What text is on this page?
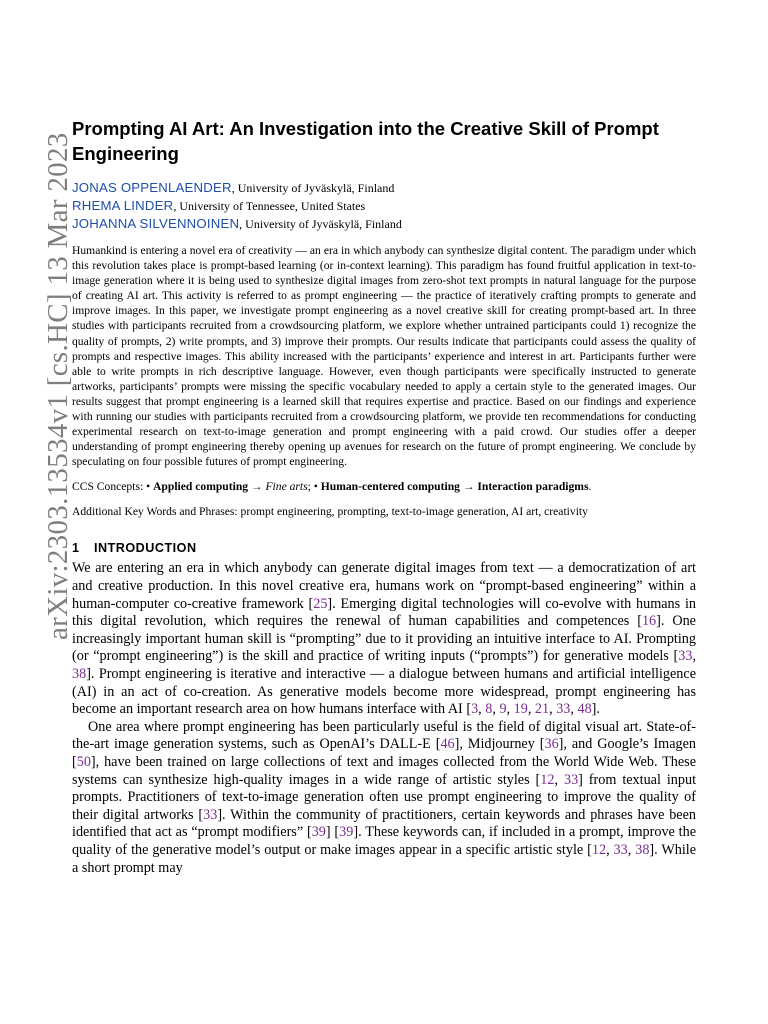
arXiv:2303.13534v1 [cs.HC] 13 Mar 2023
Prompting AI Art: An Investigation into the Creative Skill of Prompt Engineering
JONAS OPPENLAENDER, University of Jyväskylä, Finland
RHEMA LINDER, University of Tennessee, United States
JOHANNA SILVENNOINEN, University of Jyväskylä, Finland
Humankind is entering a novel era of creativity — an era in which anybody can synthesize digital content. The paradigm under which this revolution takes place is prompt-based learning (or in-context learning). This paradigm has found fruitful application in text-to-image generation where it is being used to synthesize digital images from zero-shot text prompts in natural language for the purpose of creating AI art. This activity is referred to as prompt engineering — the practice of iteratively crafting prompts to generate and improve images. In this paper, we investigate prompt engineering as a novel creative skill for creating prompt-based art. In three studies with participants recruited from a crowdsourcing platform, we explore whether untrained participants could 1) recognize the quality of prompts, 2) write prompts, and 3) improve their prompts. Our results indicate that participants could assess the quality of prompts and respective images. This ability increased with the participants’ experience and interest in art. Participants further were able to write prompts in rich descriptive language. However, even though participants were specifically instructed to generate artworks, participants’ prompts were missing the specific vocabulary needed to apply a certain style to the generated images. Our results suggest that prompt engineering is a learned skill that requires expertise and practice. Based on our findings and experience with running our studies with participants recruited from a crowdsourcing platform, we provide ten recommendations for conducting experimental research on text-to-image generation and prompt engineering with a paid crowd. Our studies offer a deeper understanding of prompt engineering thereby opening up avenues for research on the future of prompt engineering. We conclude by speculating on four possible futures of prompt engineering.
CCS Concepts: • Applied computing → Fine arts; • Human-centered computing → Interaction paradigms.
Additional Key Words and Phrases: prompt engineering, prompting, text-to-image generation, AI art, creativity
1 INTRODUCTION

We are entering an era in which anybody can generate digital images from text — a democratization of art and creative production. In this novel creative era, humans work on “prompt-based engineering” within a human-computer co-creative framework [25]. Emerging digital technologies will co-evolve with humans in this digital revolution, which requires the renewal of human capabilities and competences [16]. One increasingly important human skill is “prompting” due to it providing an intuitive interface to AI. Prompting (or “prompt engineering”) is the skill and practice of writing inputs (“prompts”) for generative models [33, 38]. Prompt engineering is iterative and interactive — a dialogue between humans and artificial intelligence (AI) in an act of co-creation. As generative models become more widespread, prompt engineering has become an important research area on how humans interface with AI [3, 8, 9, 19, 21, 33, 48].

One area where prompt engineering has been particularly useful is the field of digital visual art. State-of-the-art image generation systems, such as OpenAI’s DALL-E [46], Midjourney [36], and Google’s Imagen [50], have been trained on large collections of text and images collected from the World Wide Web. These systems can synthesize high-quality images in a wide range of artistic styles [12, 33] from textual input prompts. Practitioners of text-to-image generation often use prompt engineering to improve the quality of their digital artworks [33]. Within the community of practitioners, certain keywords and phrases have been identified that act as “prompt modifiers” [39] [39]. These keywords can, if included in a prompt, improve the quality of the generative model’s output or make images appear in a specific artistic style [12, 33, 38]. While a short prompt may
